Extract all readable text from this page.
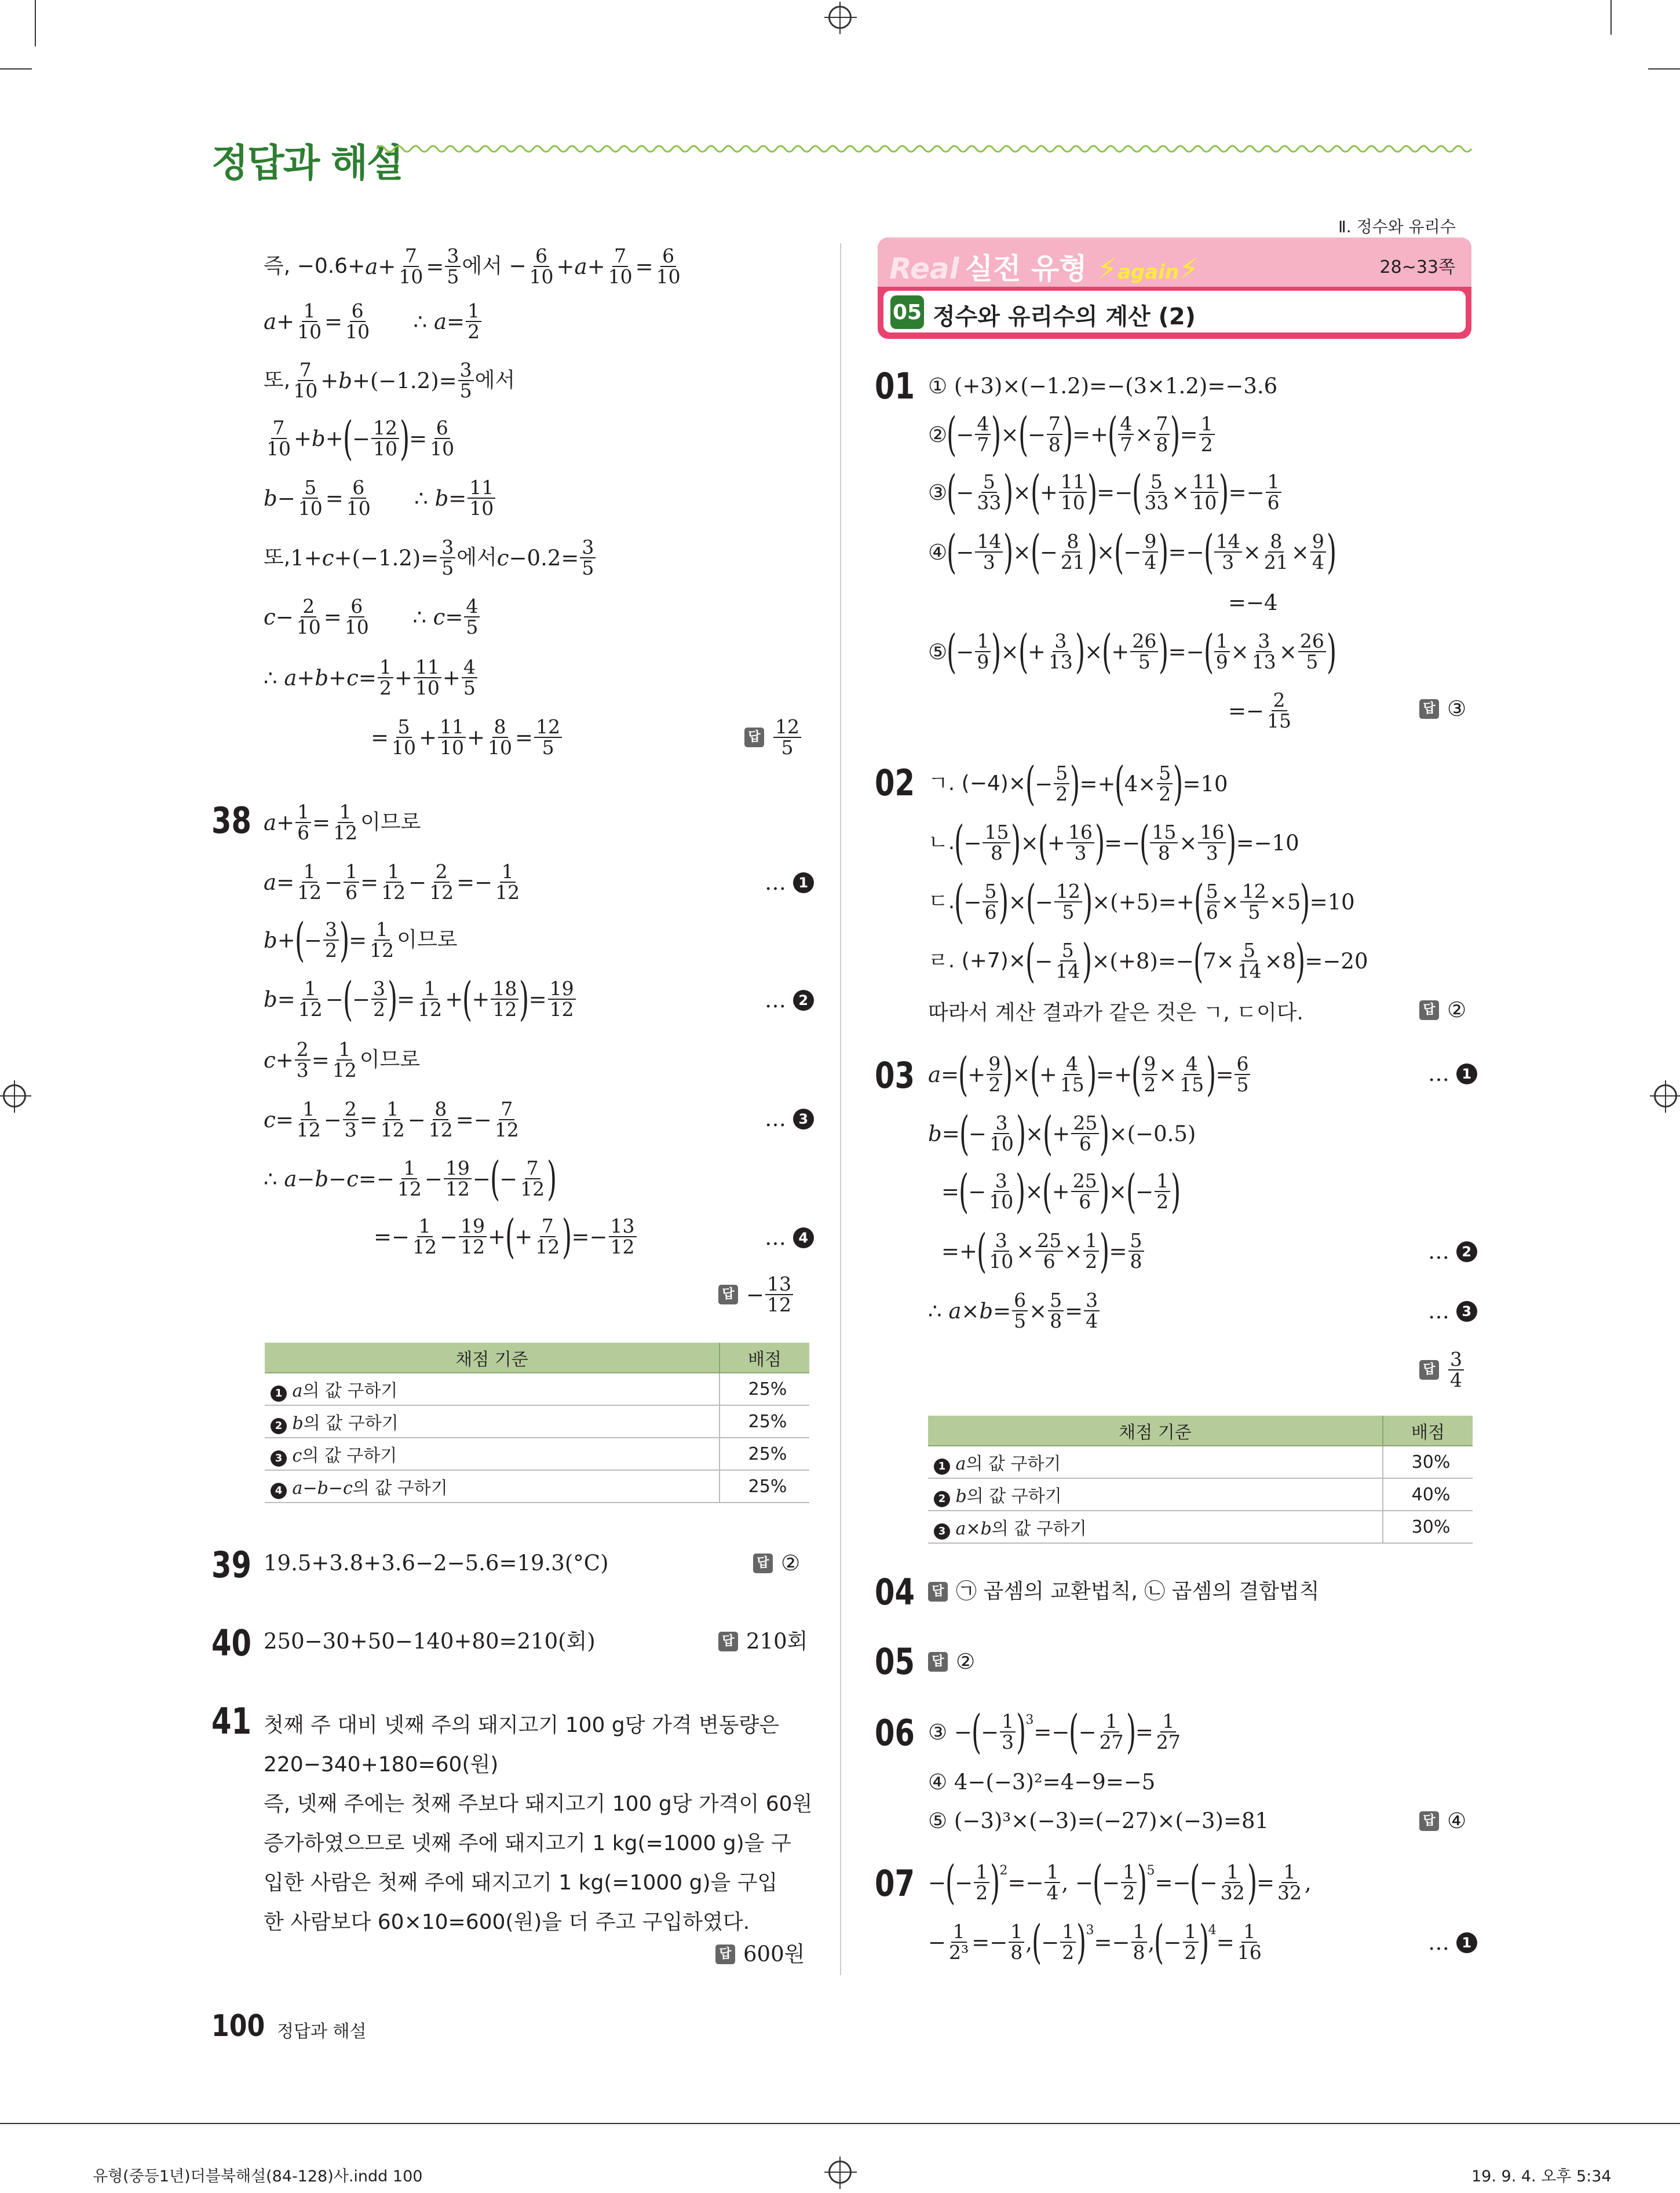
정답과 해설
Ⅱ. 정수와 유리수
즉, −0.6+ a + 7
10 = 3
5 에서 − $\frac{6}{10} + a + 7$
10 = 6
10
a + 1
10 = 6
10
∴
a = 1
2
또, 7
10 + b +(−1.2)= 3
5 에서
7
10 + b + ( − 12
10 ) = 6
10
b − 5
10 = 6
10 ∴ b = 11
10
또, 1+ c +(−1.2)= 3
5 에서 c −0.2= 3
5
c − 2
10 = 6
10 ∴ c = 4
5
∴ a + b + c = 1
2 + 11
10 + 4
5
= 5
10 + 11
10 + 8
10 = 12
5	답 12
5
38 a + 1
6 = 1
12 이므로
a = 1
12 − 1
6 = 1
12 − 2
12 =− 1
12	… 1
b + ( − 3
2 ) = 1
12 이므로
b = 1
12 − ( − 3
2 ) = 1
12 + ( + 18
12 ) = 19
12	… 2
c + 2
3 = 1
12 이므로
c = 1
12 − 2
3 = 1
12 − 8
12 =− 7
12	… 3
∴ a − b − c =− 1
12 − 19
12 − ( − 7
12 )
=− 1
12 − 19
12 + ( + 7
12 ) =− 13
12	… 4
답 − 13
12
채점 기준	배점
1 a의 값 구하기	25%
2 b의 값 구하기	25%
3 c의 값 구하기	25%
4 a−b−c의 값 구하기	25%
39 19.5+3.8+3.6−2−5.6=19.3(°C)	답 ②
40 250−30+50−140+80=210(회)	답 210회
41 첫째 주 대비 넷째 주의 돼지고기 100 g당 가격 변동량은
220−340+180=60(원)
즉, 넷째 주에는 첫째 주보다 돼지고기 100 g당 가격이 60원
증가하였으므로 넷째 주에 돼지고기 1 kg(=1000 g)을 구
입한 사람은 첫째 주에 돼지고기 1 kg(=1000 g)을 구입
한 사람보다 60×10=600(원)을 더 주고 구입하였다.
답 600원
Real 실전 유형 ⚡again⚡	28~33쪽
05 정수와 유리수의 계산 (2)
01 ① (+3)×(−1.2)=−(3×1.2)=−3.6
② ( − 4
7 ) × ( − 7
8 ) =+ ( 4
7 × 7
8 ) = 1
2
③ ( − 5
33 ) × ( + 11
10 ) =− ( 5
33 × 11
10 ) =− 1
6
④ ( − 14
3 ) × ( − 8
21 ) × ( − 9
4 ) =− ( 14
3 × 8
21 × 9
4 )
=−4
⑤ ( − 1
9 ) × ( + 3
13 ) × ( + 26
5 ) =− ( 1
9 × 3
13 × 26
5 )
=− 2
15
답 ③
02 ㄱ. (−4)× ( − 5
2 ) =+ ( 4× 5
2 ) =10
ㄴ. ( − 15
8 ) × ( + 16
3 ) =− ( 15
8 × 16
3 ) =−10
ㄷ. ( − 5
6 ) × ( − 12
5 ) ×(+5)=+ ( 5
6 × 12
5 ×5 ) =10
ㄹ. (+7)× ( − 5
14 ) ×(+8)=− ( 7× 5
14 ×8 ) =−20
따라서 계산 결과가 같은 것은 ㄱ, ㄷ이다.	답 ②
03 a = ( + 9
2 ) × ( + 4
15 ) =+ ( 9
2 × 4
15 ) = 6
5	… 1
b = ( − 3
10 ) × ( + 25
6 ) ×(−0.5)
= ( − 3
10 ) × ( + 25
6 ) × ( − 1
2 )
=+ ( 3
10 × 25
6 × 1
2 ) = 5
8	… 2
∴ a × b = 6
5 × 5
8 = 3
4	… 3
답 3
4
채점 기준	배점
1 a의 값 구하기	30%
2 b의 값 구하기	40%
3 a×b의 값 구하기	30%
04 답 ㉠ 곱셈의 교환법칙, ㉡ 곱셈의 결합법칙
05 답 ②
06 ③ − ( − 1
3 )$^3$ =− ( − 1
27 ) = 1
27
④ 4−(−3)²=4−9=−5
⑤ (−3)³×(−3)=(−27)×(−3)=81	답 ④
07 − ( − 1
2 )$^2$ =− 1
4 , − ( − 1
2 )$^5$ =− ( − 1
32 ) = 1
32 ,
− 1
2³ =− 1
8 , ( − 1
2 )$^3$ =− 1
8 , ( − 1
2 )$^4$ = 1
16	… 1
100 정답과 해설
유형(중등1년)더블북해설(84-128)사.indd 100	19. 9. 4. 오후 5:34
